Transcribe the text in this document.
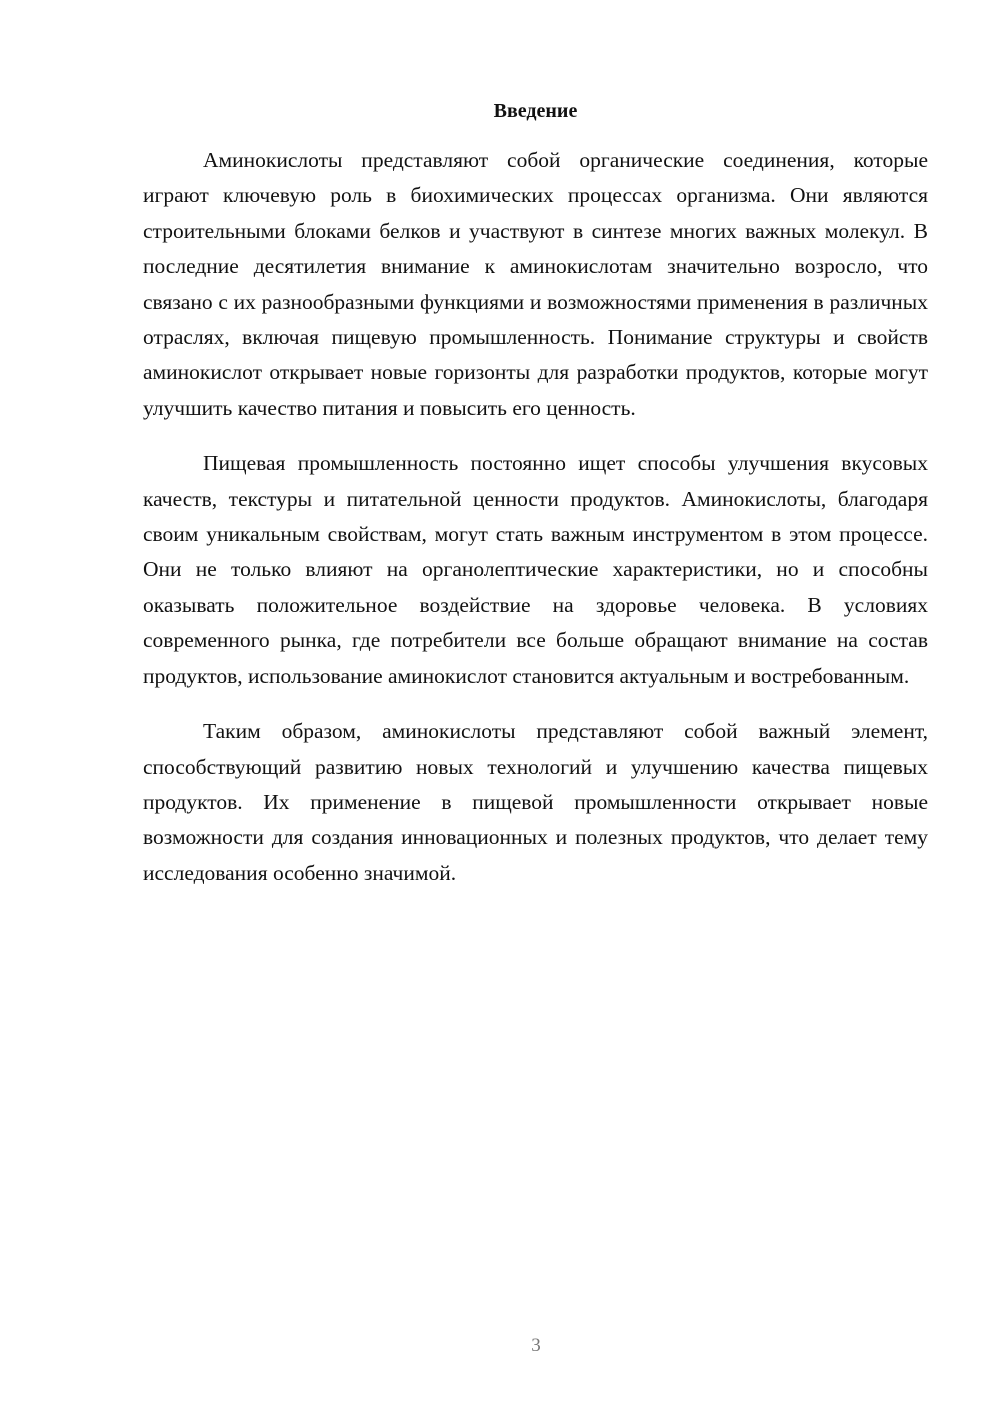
Введение

Аминокислоты представляют собой органические соединения, которые играют ключевую роль в биохимических процессах организма. Они являются строительными блоками белков и участвуют в синтезе многих важных молекул. В последние десятилетия внимание к аминокислотам значительно возросло, что связано с их разнообразными функциями и возможностями применения в различных отраслях, включая пищевую промышленность. Понимание структуры и свойств аминокислот открывает новые горизонты для разработки продуктов, которые могут улучшить качество питания и повысить его ценность.

Пищевая промышленность постоянно ищет способы улучшения вкусовых качеств, текстуры и питательной ценности продуктов. Аминокислоты, благодаря своим уникальным свойствам, могут стать важным инструментом в этом процессе. Они не только влияют на органолептические характеристики, но и способны оказывать положительное воздействие на здоровье человека. В условиях современного рынка, где потребители все больше обращают внимание на состав продуктов, использование аминокислот становится актуальным и востребованным.

Таким образом, аминокислоты представляют собой важный элемент, способствующий развитию новых технологий и улучшению качества пищевых продуктов. Их применение в пищевой промышленности открывает новые возможности для создания инновационных и полезных продуктов, что делает тему исследования особенно значимой.

3
